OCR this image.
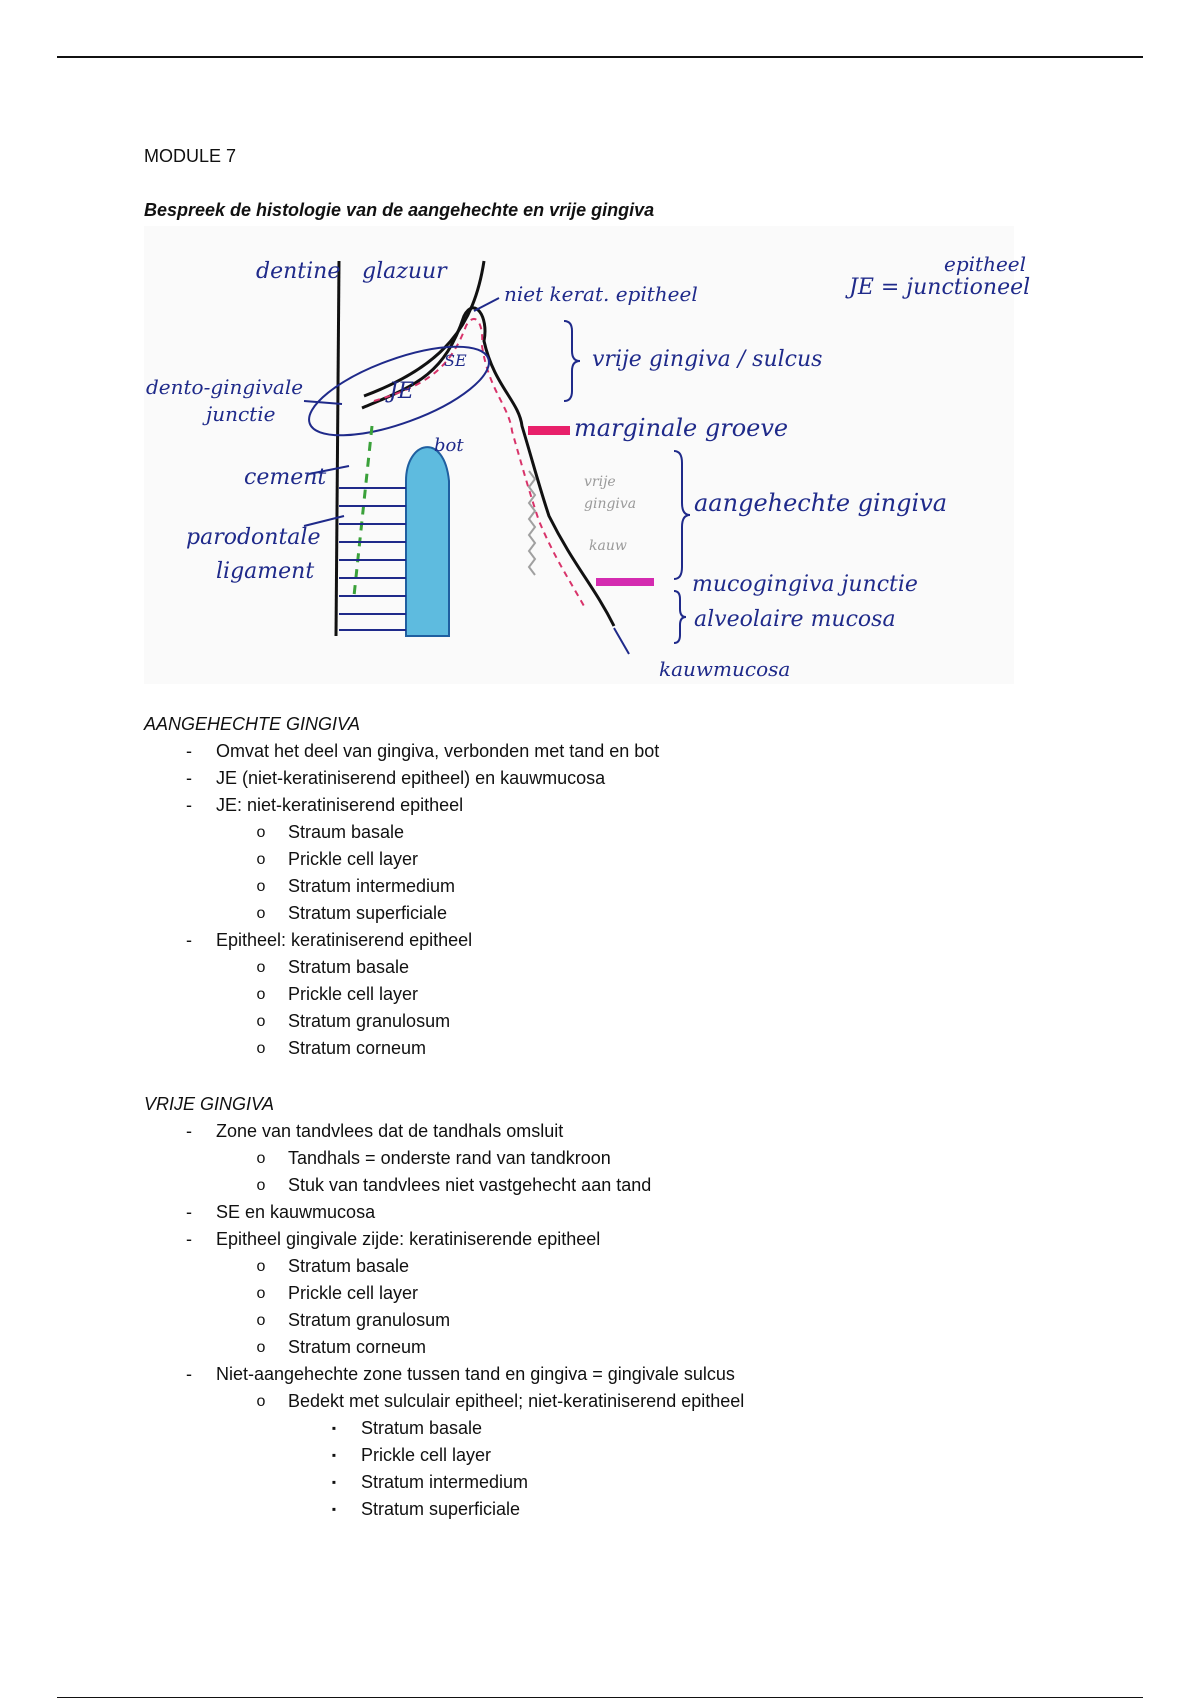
MODULE 7
Bespreek de histologie van de aangehechte en vrije gingiva
dentine glazuur
niet kerat. epitheel	JE = junctioneel
epitheel
vrije gingiva / sulcus
dento-gingivale
junctie
JE
SE
marginale groeve
bot
cement
parodontale
ligament
vrije
gingiva
kauw
aangehechte gingiva
mucogingiva junctie
alveolaire mucosa
kauwmucosa
AANGEHECHTE GINGIVA
-	Omvat het deel van gingiva, verbonden met tand en bot
-	JE (niet-keratiniserend epitheel) en kauwmucosa
-	JE: niet-keratiniserend epitheel
o	Straum basale
o	Prickle cell layer
o	Stratum intermedium
o	Stratum superficiale
-	Epitheel: keratiniserend epitheel
o	Stratum basale
o	Prickle cell layer
o	Stratum granulosum
o	Stratum corneum
VRIJE GINGIVA
-	Zone van tandvlees dat de tandhals omsluit
o	Tandhals = onderste rand van tandkroon
o	Stuk van tandvlees niet vastgehecht aan tand
-	SE en kauwmucosa
-	Epitheel gingivale zijde: keratiniserende epitheel
o	Stratum basale
o	Prickle cell layer
o	Stratum granulosum
o	Stratum corneum
-	Niet-aangehechte zone tussen tand en gingiva = gingivale sulcus
o	Bedekt met sulculair epitheel; niet-keratiniserend epitheel
▪	Stratum basale
▪	Prickle cell layer
▪	Stratum intermedium
▪	Stratum superficiale
